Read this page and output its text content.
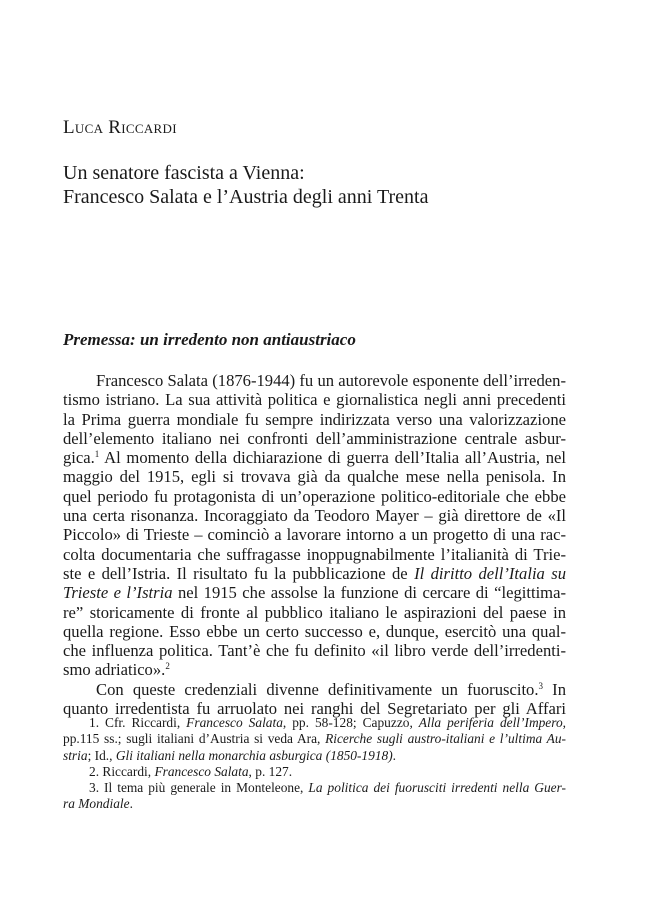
Luca Riccardi

Un senatore fascista a Vienna:
Francesco Salata e l’Austria degli anni Trenta
Premessa: un irredento non antiaustriaco
Francesco Salata (1876-1944) fu un autorevole esponente dell’irreden-
tismo istriano. La sua attività politica e giornalistica negli anni precedenti
la Prima guerra mondiale fu sempre indirizzata verso una valorizzazione
dell’elemento italiano nei confronti dell’amministrazione centrale asbur-
gica.$^1$ Al momento della dichiarazione di guerra dell’Italia all’Austria, nel
maggio del 1915, egli si trovava già da qualche mese nella penisola. In
quel periodo fu protagonista di un’operazione politico-editoriale che ebbe
una certa risonanza. Incoraggiato da Teodoro Mayer – già direttore de «Il
Piccolo» di Trieste – cominciò a lavorare intorno a un progetto di una rac-
colta documentaria che suffragasse inoppugnabilmente l’italianità di Trie-
ste e dell’Istria. Il risultato fu la pubblicazione de Il diritto dell’Italia su
Trieste e l’Istria nel 1915 che assolse la funzione di cercare di “legittima-
re” storicamente di fronte al pubblico italiano le aspirazioni del paese in
quella regione. Esso ebbe un certo successo e, dunque, esercitò una qual-
che influenza politica. Tant’è che fu definito «il libro verde dell’irredenti-
smo adriatico».$^2$
Con queste credenziali divenne definitivamente un fuoruscito.$^3$ In
quanto irredentista fu arruolato nei ranghi del Segretariato per gli Affari
1. Cfr. Riccardi, Francesco Salata, pp. 58-128; Capuzzo, Alla periferia dell’Impero,
pp.115 ss.; sugli italiani d’Austria si veda Ara, Ricerche sugli austro-italiani e l’ultima Au-
stria; Id., Gli italiani nella monarchia asburgica (1850-1918).
2. Riccardi, Francesco Salata, p. 127.
3. Il tema più generale in Monteleone, La politica dei fuorusciti irredenti nella Guer-
ra Mondiale.
